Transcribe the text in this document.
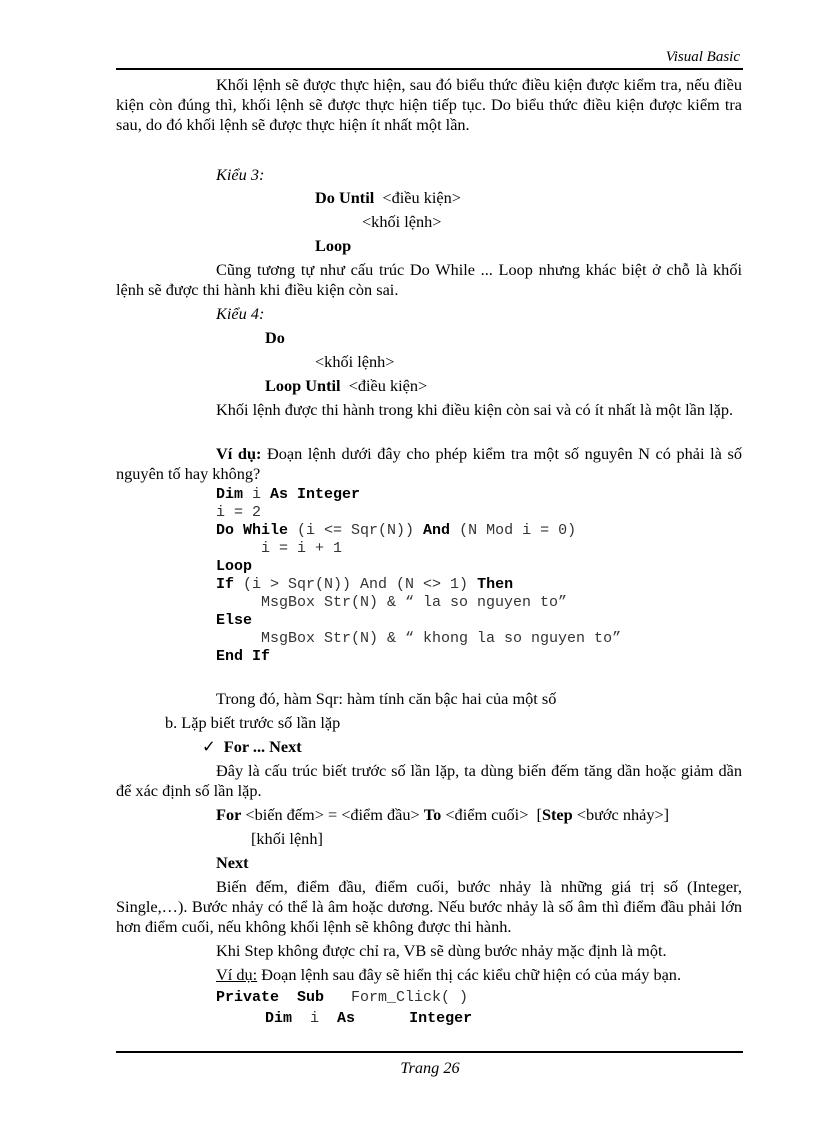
Visual Basic
Khối lệnh sẽ được thực hiện, sau đó biểu thức điều kiện được kiểm tra, nếu điều kiện còn đúng thì, khối lệnh sẽ được thực hiện tiếp tục. Do biểu thức điều kiện được kiểm tra sau, do đó khối lệnh sẽ được thực hiện ít nhất một lần.
Kiểu 3:
Do Until <điều kiện>
<khối lệnh>
Loop
Cũng tương tự như cấu trúc Do While ... Loop nhưng khác biệt ở chỗ là khối lệnh sẽ được thi hành khi điều kiện còn sai.
Kiểu 4:
Do
<khối lệnh>
Loop Until <điều kiện>
Khối lệnh được thi hành trong khi điều kiện còn sai và có ít nhất là một lần lặp.
Ví dụ: Đoạn lệnh dưới đây cho phép kiểm tra một số nguyên N có phải là số nguyên tố hay không?
Dim i As Integer
i = 2
Do While (i <= Sqr(N)) And (N Mod i = 0)
i = i + 1
Loop
If (i > Sqr(N)) And (N <> 1) Then
MsgBox Str(N) & “ la so nguyen to”
Else
MsgBox Str(N) & “ khong la so nguyen to”
End If
Trong đó, hàm Sqr: hàm tính căn bậc hai của một số
b. Lặp biết trước số lần lặp
✓ For ... Next
Đây là cấu trúc biết trước số lần lặp, ta dùng biến đếm tăng dần hoặc giảm dần để xác định số lần lặp.
For <biến đếm> = <điểm đầu> To <điểm cuối>  [Step <bước nhảy>]
[khối lệnh]
Next
Biến đếm, điểm đầu, điểm cuối, bước nhảy là những giá trị số (Integer, Single,…). Bước nhảy có thể là âm hoặc dương. Nếu bước nhảy là số âm thì điểm đầu phải lớn hơn điểm cuối, nếu không khối lệnh sẽ không được thi hành.
Khi Step không được chỉ ra, VB sẽ dùng bước nhảy mặc định là một.
Ví dụ: Đoạn lệnh sau đây sẽ hiển thị các kiểu chữ hiện có của máy bạn.
Private  Sub   Form_Click( )
Dim  i  As	Integer
Trang 26
